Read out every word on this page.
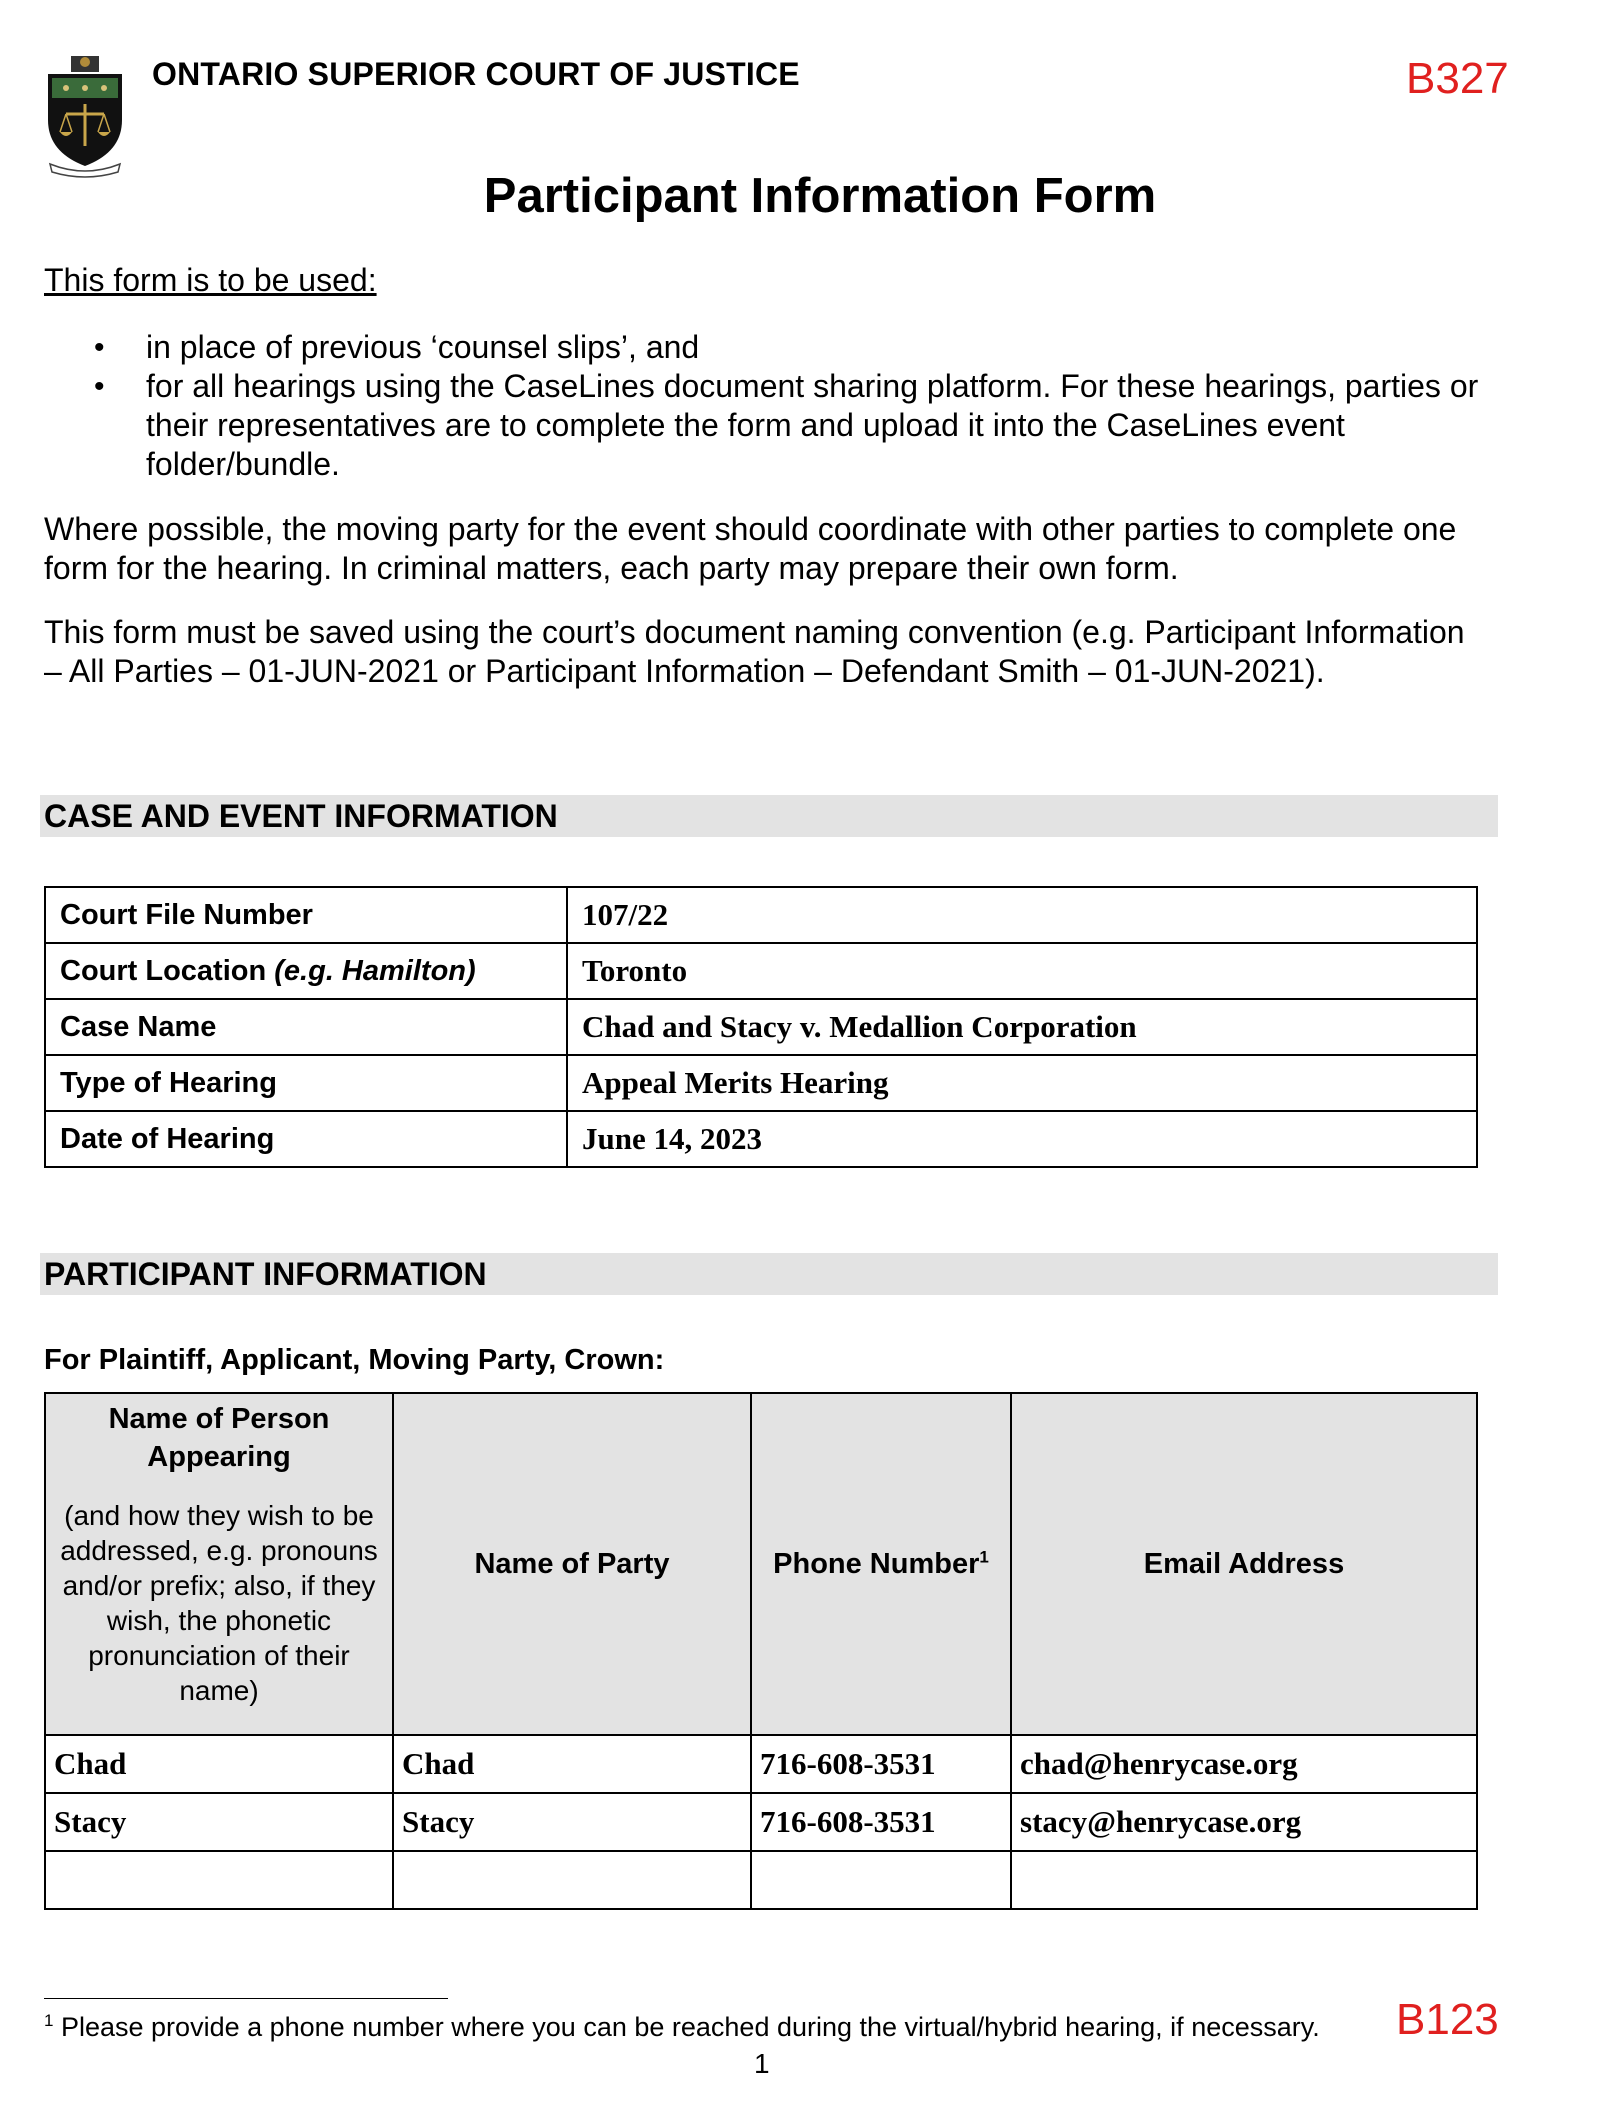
ONTARIO SUPERIOR COURT OF JUSTICE	B327
Participant Information Form
This form is to be used:
• in place of previous ‘counsel slips’, and
• for all hearings using the CaseLines document sharing platform. For these hearings, parties or their representatives are to complete the form and upload it into the CaseLines event folder/bundle.

Where possible, the moving party for the event should coordinate with other parties to complete one form for the hearing. In criminal matters, each party may prepare their own form.

This form must be saved using the court’s document naming convention (e.g. Participant Information – All Parties – 01-JUN-2021 or Participant Information – Defendant Smith – 01-JUN-2021).

CASE AND EVENT INFORMATION
Court File Number	107/22
Court Location (e.g. Hamilton)	Toronto
Case Name	Chad and Stacy v. Medallion Corporation
Type of Hearing	Appeal Merits Hearing
Date of Hearing	June 14, 2023
PARTICIPANT INFORMATION
For Plaintiff, Applicant, Moving Party, Crown:
Name of Person Appearing
(and how they wish to be addressed, e.g. pronouns and/or prefix; also, if they wish, the phonetic pronunciation of their name)	Name of Party	Phone Number$^1$	Email Address
Chad	Chad	716-608-3531	chad@henrycase.org
Stacy	Stacy	716-608-3531	stacy@henrycase.org

$^1$ Please provide a phone number where you can be reached during the virtual/hybrid hearing, if necessary. B123
1
